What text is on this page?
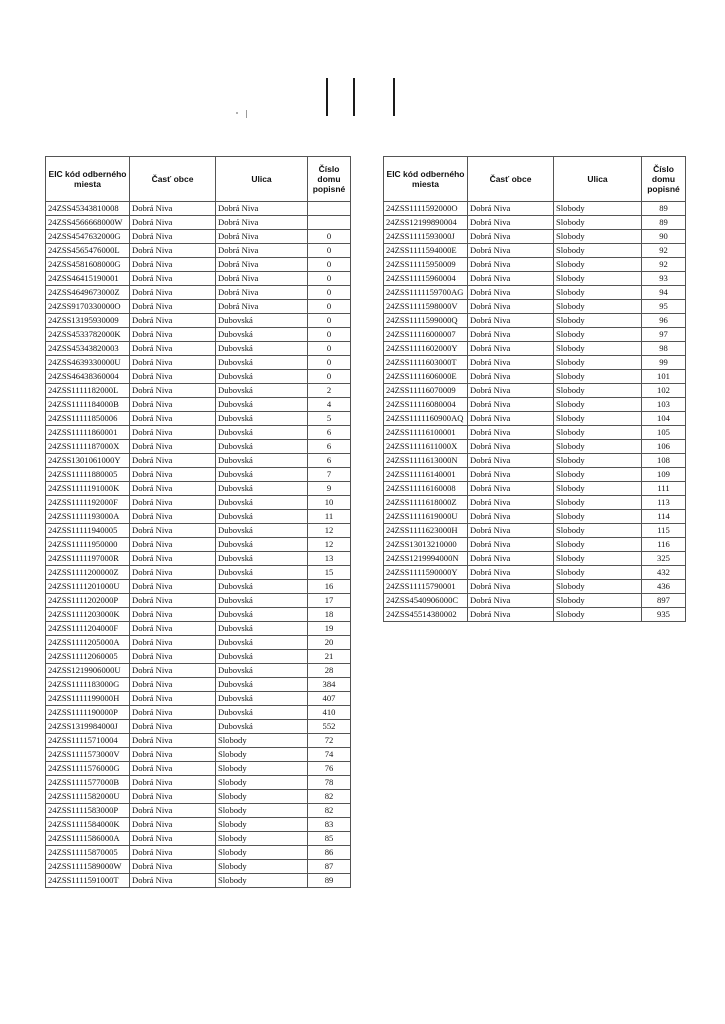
EIC kód odberného miesta	Časť obce	Ulica	Číslo domu popisné
24ZSS45343810008	Dobrá Niva	Dobrá Niva	
24ZSS4566668000W	Dobrá Niva	Dobrá Niva	
24ZSS4547632000G	Dobrá Niva	Dobrá Niva	0
24ZSS4565476000L	Dobrá Niva	Dobrá Niva	0
24ZSS4581608000G	Dobrá Niva	Dobrá Niva	0
24ZSS46415190001	Dobrá Niva	Dobrá Niva	0
24ZSS4649673000Z	Dobrá Niva	Dobrá Niva	0
24ZSS9170330000O	Dobrá Niva	Dobrá Niva	0
24ZSS13195930009	Dobrá Niva	Dubovská	0
24ZSS4533782000K	Dobrá Niva	Dubovská	0
24ZSS45343820003	Dobrá Niva	Dubovská	0
24ZSS4639330000U	Dobrá Niva	Dubovská	0
24ZSS46438360004	Dobrá Niva	Dubovská	0
24ZSS1111182000L	Dobrá Niva	Dubovská	2
24ZSS1111184000B	Dobrá Niva	Dubovská	4
24ZSS11111850006	Dobrá Niva	Dubovská	5
24ZSS11111860001	Dobrá Niva	Dubovská	6
24ZSS1111187000X	Dobrá Niva	Dubovská	6
24ZSS1301061000Y	Dobrá Niva	Dubovská	6
24ZSS11111880005	Dobrá Niva	Dubovská	7
24ZSS1111191000K	Dobrá Niva	Dubovská	9
24ZSS1111192000F	Dobrá Niva	Dubovská	10
24ZSS1111193000A	Dobrá Niva	Dubovská	11
24ZSS11111940005	Dobrá Niva	Dubovská	12
24ZSS11111950000	Dobrá Niva	Dubovská	12
24ZSS1111197000R	Dobrá Niva	Dubovská	13
24ZSS1111200000Z	Dobrá Niva	Dubovská	15
24ZSS1111201000U	Dobrá Niva	Dubovská	16
24ZSS1111202000P	Dobrá Niva	Dubovská	17
24ZSS1111203000K	Dobrá Niva	Dubovská	18
24ZSS1111204000F	Dobrá Niva	Dubovská	19
24ZSS1111205000A	Dobrá Niva	Dubovská	20
24ZSS11112060005	Dobrá Niva	Dubovská	21
24ZSS1219906000U	Dobrá Niva	Dubovská	28
24ZSS1111183000G	Dobrá Niva	Dubovská	384
24ZSS1111199000H	Dobrá Niva	Dubovská	407
24ZSS1111190000P	Dobrá Niva	Dubovská	410
24ZSS1319984000J	Dobrá Niva	Dubovská	552
24ZSS11115710004	Dobrá Niva	Slobody	72
24ZSS1111573000V	Dobrá Niva	Slobody	74
24ZSS1111576000G	Dobrá Niva	Slobody	76
24ZSS1111577000B	Dobrá Niva	Slobody	78
24ZSS1111582000U	Dobrá Niva	Slobody	82
24ZSS1111583000P	Dobrá Niva	Slobody	82
24ZSS1111584000K	Dobrá Niva	Slobody	83
24ZSS1111586000A	Dobrá Niva	Slobody	85
24ZSS11115870005	Dobrá Niva	Slobody	86
24ZSS1111589000W	Dobrá Niva	Slobody	87
24ZSS1111591000T	Dobrá Niva	Slobody	89
EIC kód odberného miesta	Časť obce	Ulica	Číslo domu popisné
24ZSS1111592000O	Dobrá Niva	Slobody	89
24ZSS12199890004	Dobrá Niva	Slobody	89
24ZSS1111593000J	Dobrá Niva	Slobody	90
24ZSS1111594000E	Dobrá Niva	Slobody	92
24ZSS11115950009	Dobrá Niva	Slobody	92
24ZSS11115960004	Dobrá Niva	Slobody	93
24ZSS1111159700AG	Dobrá Niva	Slobody	94
24ZSS1111598000V	Dobrá Niva	Slobody	95
24ZSS1111599000Q	Dobrá Niva	Slobody	96
24ZSS11116000007	Dobrá Niva	Slobody	97
24ZSS1111602000Y	Dobrá Niva	Slobody	98
24ZSS1111603000T	Dobrá Niva	Slobody	99
24ZSS1111606000E	Dobrá Niva	Slobody	101
24ZSS11116070009	Dobrá Niva	Slobody	102
24ZSS11116080004	Dobrá Niva	Slobody	103
24ZSS1111160900AQ	Dobrá Niva	Slobody	104
24ZSS11116100001	Dobrá Niva	Slobody	105
24ZSS1111611000X	Dobrá Niva	Slobody	106
24ZSS1111613000N	Dobrá Niva	Slobody	108
24ZSS11116140001	Dobrá Niva	Slobody	109
24ZSS11116160008	Dobrá Niva	Slobody	111
24ZSS1111618000Z	Dobrá Niva	Slobody	113
24ZSS1111619000U	Dobrá Niva	Slobody	114
24ZSS1111623000H	Dobrá Niva	Slobody	115
24ZSS13013210000	Dobrá Niva	Slobody	116
24ZSS1219994000N	Dobrá Niva	Slobody	325
24ZSS1111590000Y	Dobrá Niva	Slobody	432
24ZSS11115790001	Dobrá Niva	Slobody	436
24ZSS4540906000C	Dobrá Niva	Slobody	897
24ZSS45514380002	Dobrá Niva	Slobody	935
